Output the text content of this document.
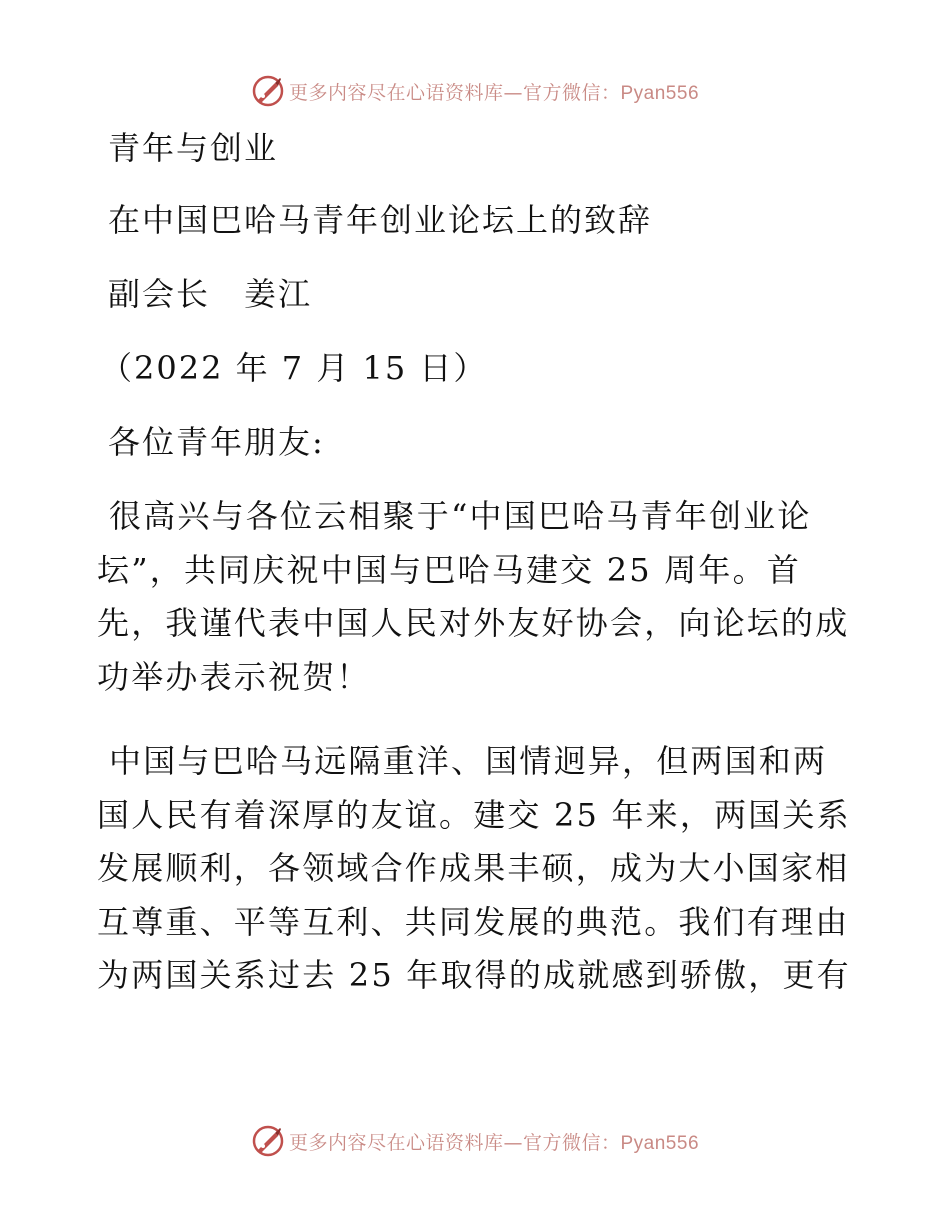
更多内容尽在心语资料库—官方微信：Pyan556
青年与创业
在中国巴哈马青年创业论坛上的致辞
副会长　姜江
（2022 年 7 月 15 日）
各位青年朋友:

很高兴与各位云相聚于“中国巴哈马青年创业论坛”，共同庆祝中国与巴哈马建交 25 周年。首先，我谨代表中国人民对外友好协会，向论坛的成功举办表示祝贺！

中国与巴哈马远隔重洋、国情迥异，但两国和两国人民有着深厚的友谊。建交 25 年来，两国关系发展顺利，各领域合作成果丰硕，成为大小国家相互尊重、平等互利、共同发展的典范。我们有理由为两国关系过去 25 年取得的成就感到骄傲，更有

更多内容尽在心语资料库—官方微信：Pyan556
